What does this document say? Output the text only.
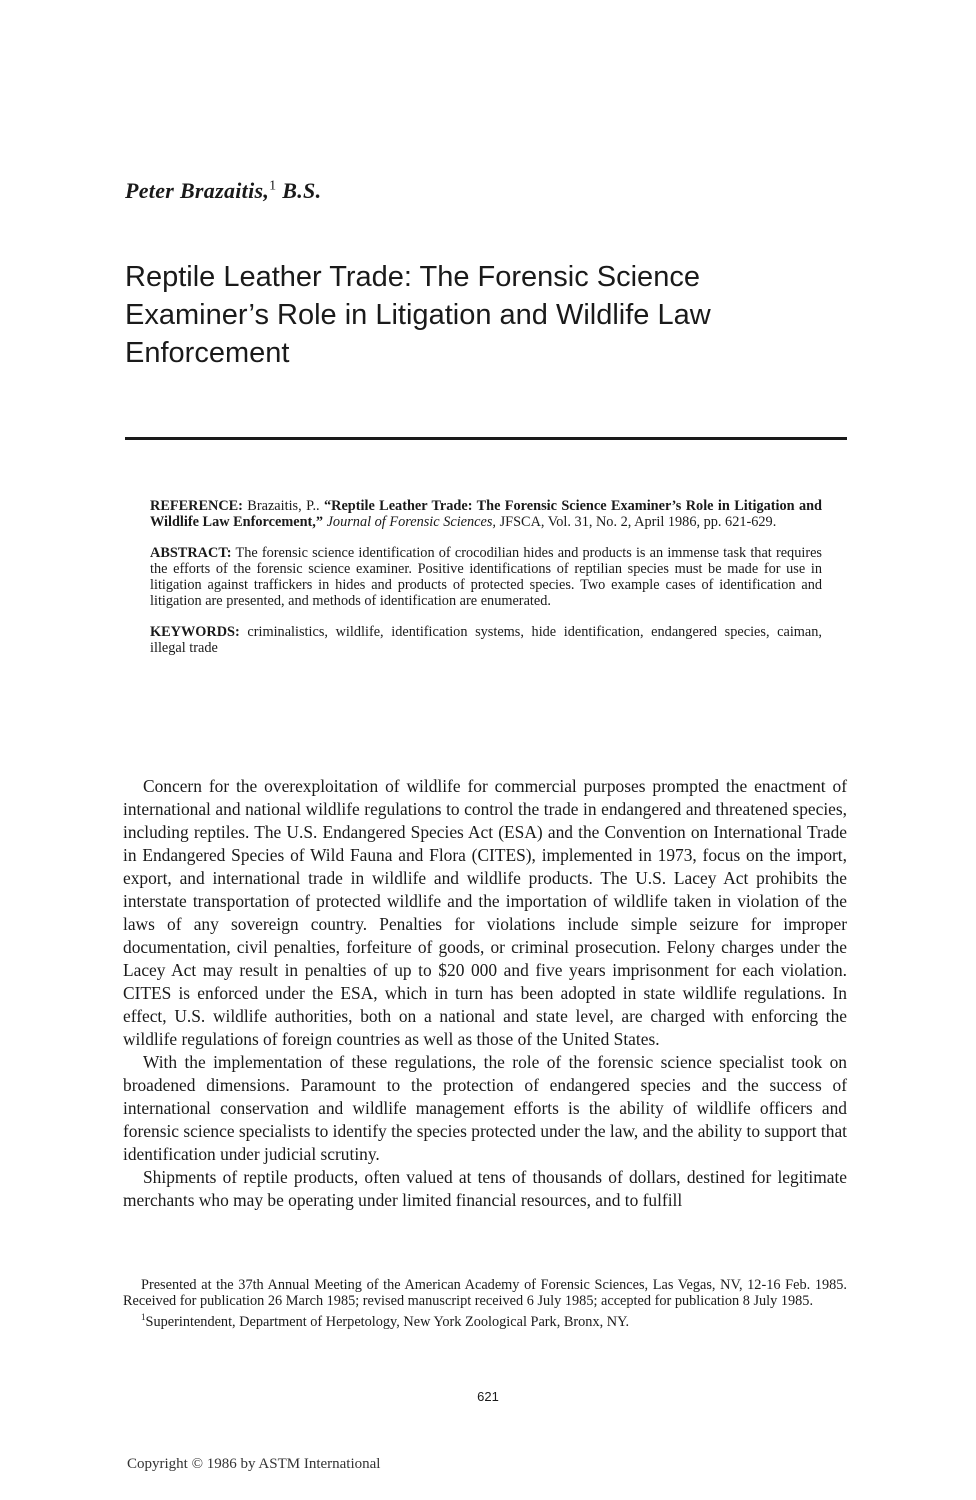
Peter Brazaitis,$^1$ B.S.
Reptile Leather Trade: The Forensic Science Examiner’s Role in Litigation and Wildlife Law Enforcement

REFERENCE: Brazaitis, P.. “Reptile Leather Trade: The Forensic Science Examiner’s Role in Litigation and Wildlife Law Enforcement,” Journal of Forensic Sciences, JFSCA, Vol. 31, No. 2, April 1986, pp. 621-629.

ABSTRACT: The forensic science identification of crocodilian hides and products is an immense task that requires the efforts of the forensic science examiner. Positive identifications of reptilian species must be made for use in litigation against traffickers in hides and products of protected species. Two example cases of identification and litigation are presented, and methods of identification are enumerated.

KEYWORDS: criminalistics, wildlife, identification systems, hide identification, endangered species, caiman, illegal trade

Concern for the overexploitation of wildlife for commercial purposes prompted the enactment of international and national wildlife regulations to control the trade in endangered and threatened species, including reptiles. The U.S. Endangered Species Act (ESA) and the Convention on International Trade in Endangered Species of Wild Fauna and Flora (CITES), implemented in 1973, focus on the import, export, and international trade in wildlife and wildlife products. The U.S. Lacey Act prohibits the interstate transportation of protected wildlife and the importation of wildlife taken in violation of the laws of any sovereign country. Penalties for violations include simple seizure for improper documentation, civil penalties, forfeiture of goods, or criminal prosecution. Felony charges under the Lacey Act may result in penalties of up to $20 000 and five years imprisonment for each violation. CITES is enforced under the ESA, which in turn has been adopted in state wildlife regulations. In effect, U.S. wildlife authorities, both on a national and state level, are charged with enforcing the wildlife regulations of foreign countries as well as those of the United States.

With the implementation of these regulations, the role of the forensic science specialist took on broadened dimensions. Paramount to the protection of endangered species and the success of international conservation and wildlife management efforts is the ability of wildlife officers and forensic science specialists to identify the species protected under the law, and the ability to support that identification under judicial scrutiny.

Shipments of reptile products, often valued at tens of thousands of dollars, destined for legitimate merchants who may be operating under limited financial resources, and to fulfill

Presented at the 37th Annual Meeting of the American Academy of Forensic Sciences, Las Vegas, NV, 12-16 Feb. 1985. Received for publication 26 March 1985; revised manuscript received 6 July 1985; accepted for publication 8 July 1985.

$^1$Superintendent, Department of Herpetology, New York Zoological Park, Bronx, NY.

621
Copyright © 1986 by ASTM International
